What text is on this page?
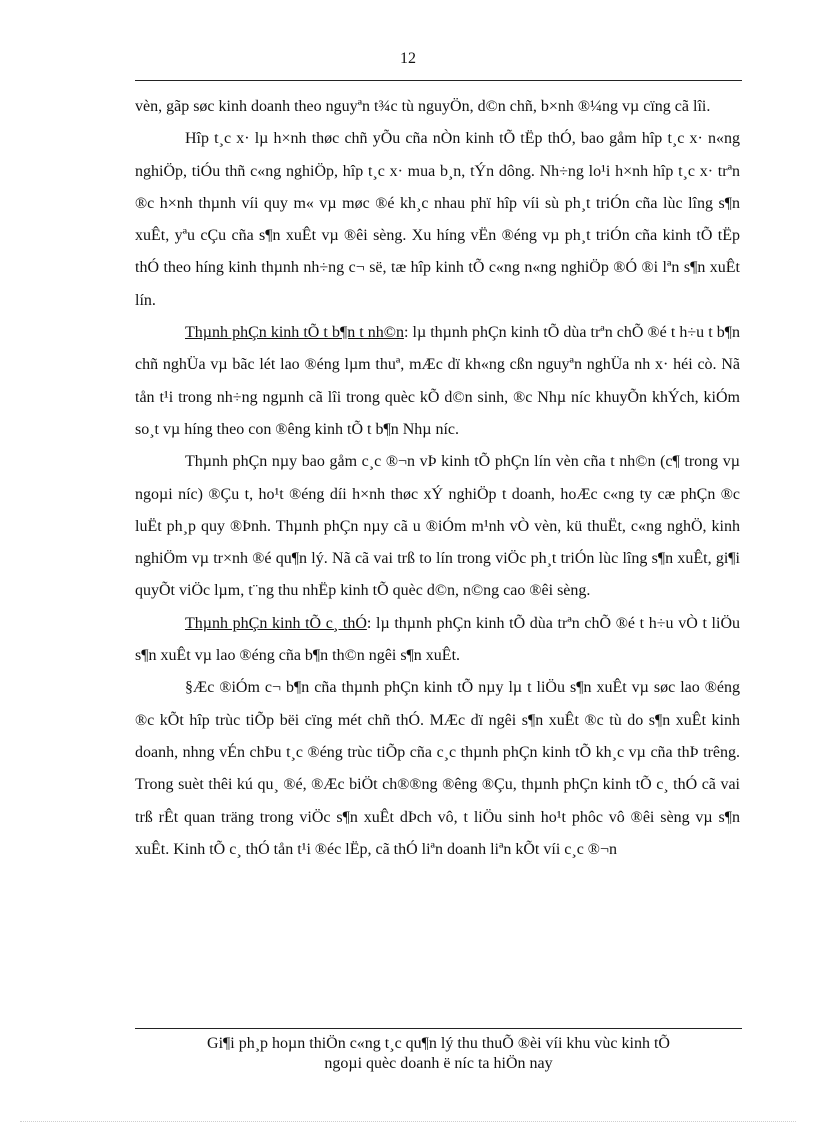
12

vèn, gãp søc kinh doanh theo nguyªn t¾c tù nguyÖn, d©n chñ, b×nh ®¼ng vµ cïng cã lîi.

Hîp t¸c x· lµ h×nh thøc chñ yÕu cña nÒn kinh tÕ tËp thÓ, bao gåm hîp t¸c x· n«ng nghiÖp, tiÓu thñ c«ng nghiÖp, hîp t¸c x· mua b¸n, tÝn dông. Nh÷ng lo¹i h×nh hîp t¸c x· trªn ®c h×nh thµnh víi quy m« vµ møc ®é kh¸c nhau phï hîp víi sù ph¸t triÓn cña lùc lîng s¶n xuÊt, yªu cÇu cña s¶n xuÊt vµ ®êi sèng. Xu híng vËn ®éng vµ ph¸t triÓn cña kinh tÕ tËp thÓ theo híng kinh thµnh nh÷ng c¬ së, tæ hîp kinh tÕ c«ng n«ng nghiÖp ®Ó ®i lªn s¶n xuÊt lín.

Thµnh phÇn kinh tÕ t b¶n t nh©n: lµ thµnh phÇn kinh tÕ dùa trªn chÕ ®é t h÷u t b¶n chñ nghÜa vµ bãc lét lao ®éng lµm thuª, mÆc dï kh«ng cßn nguyªn nghÜa nh x· héi cò. Nã tån t¹i trong nh÷ng ngµnh cã lîi trong quèc kÕ d©n sinh, ®c Nhµ níc khuyÕn khÝch, kiÓm so¸t vµ híng theo con ®êng kinh tÕ t b¶n Nhµ níc.

Thµnh phÇn nµy bao gåm c¸c ®¬n vÞ kinh tÕ phÇn lín vèn cña t nh©n (c¶ trong vµ ngoµi níc) ®Çu t, ho¹t ®éng díi h×nh thøc xÝ nghiÖp t doanh, hoÆc c«ng ty cæ phÇn ®c luËt ph¸p quy ®Þnh. Thµnh phÇn nµy cã u ®iÓm m¹nh vÒ vèn, kü thuËt, c«ng nghÖ, kinh nghiÖm vµ tr×nh ®é qu¶n lý. Nã cã vai trß to lín trong viÖc ph¸t triÓn lùc lîng s¶n xuÊt, gi¶i quyÕt viÖc lµm, t¨ng thu nhËp kinh tÕ quèc d©n, n©ng cao ®êi sèng.

Thµnh phÇn kinh tÕ c¸ thÓ: lµ thµnh phÇn kinh tÕ dùa trªn chÕ ®é t h÷u vÒ t liÖu s¶n xuÊt vµ lao ®éng cña b¶n th©n ngêi s¶n xuÊt.

§Æc ®iÓm c¬ b¶n cña thµnh phÇn kinh tÕ nµy lµ t liÖu s¶n xuÊt vµ søc lao ®éng ®c kÕt hîp trùc tiÕp bëi cïng mét chñ thÓ. MÆc dï ngêi s¶n xuÊt ®c tù do s¶n xuÊt kinh doanh, nhng vÉn chÞu t¸c ®éng trùc tiÕp cña c¸c thµnh phÇn kinh tÕ kh¸c vµ cña thÞ trêng. Trong suèt thêi kú qu¸ ®é, ®Æc biÖt ch®®ng ®êng ®Çu, thµnh phÇn kinh tÕ c¸ thÓ cã vai trß rÊt quan träng trong viÖc s¶n xuÊt dÞch vô, t liÖu sinh ho¹t phôc vô ®êi sèng vµ s¶n xuÊt. Kinh tÕ c¸ thÓ tån t¹i ®éc lËp, cã thÓ liªn doanh liªn kÕt víi c¸c ®¬n

Gi¶i ph¸p hoµn thiÖn c«ng t¸c qu¶n lý thu thuÕ ®èi víi khu vùc kinh tÕ
ngoµi quèc doanh ë níc ta hiÖn nay
